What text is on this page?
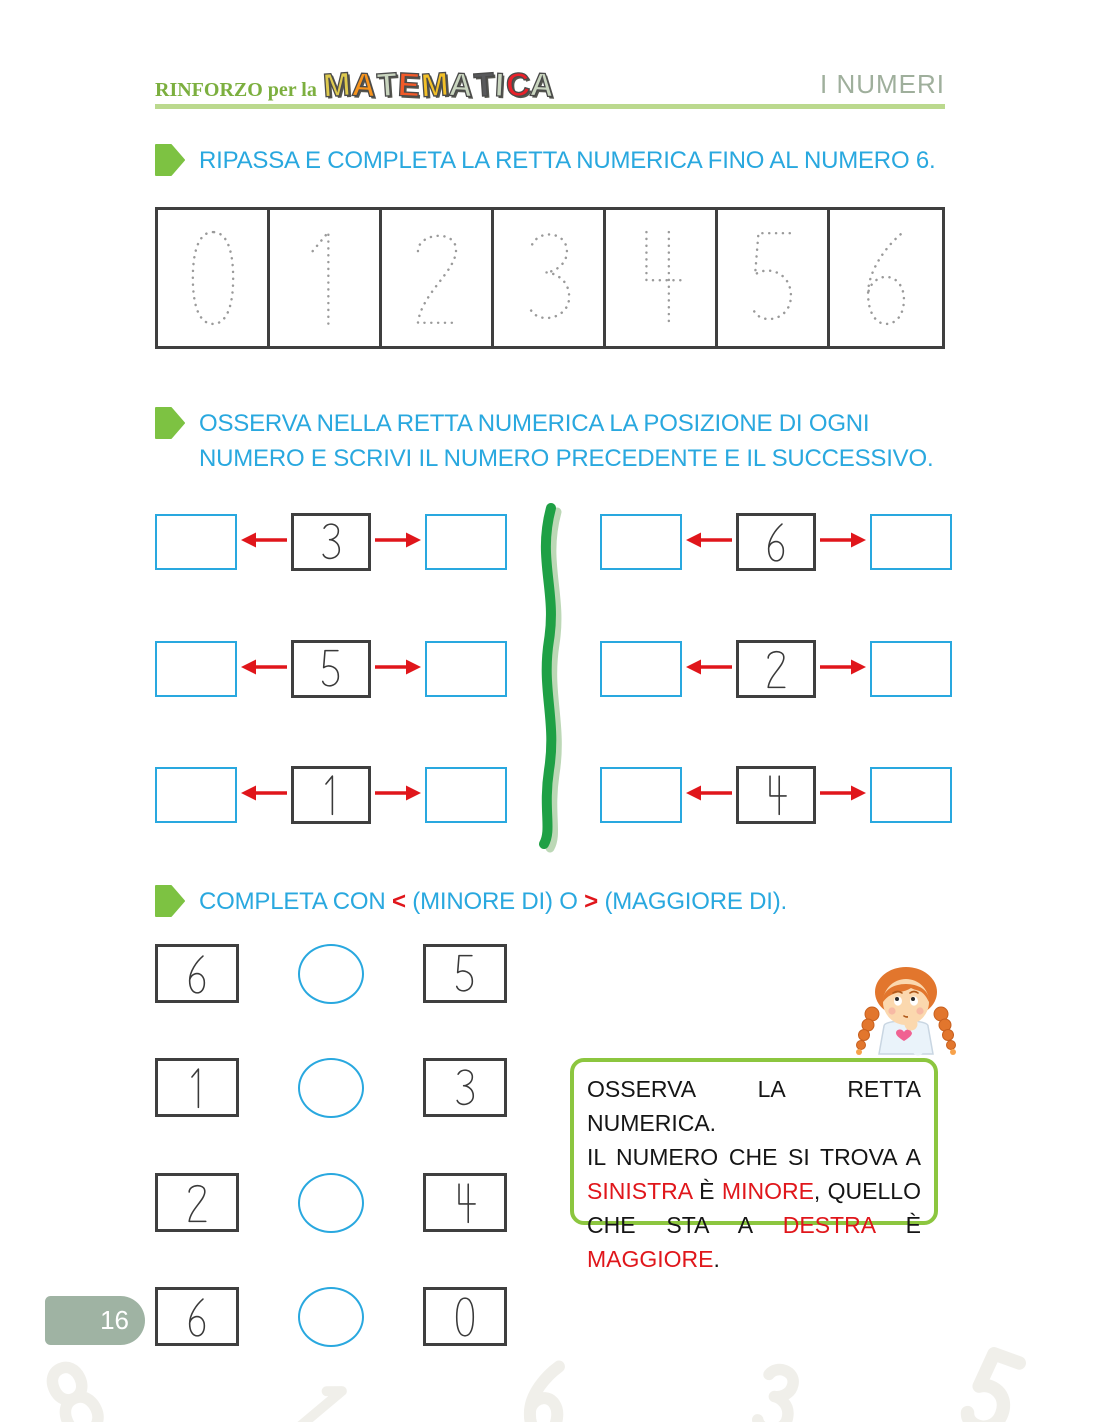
RINFORZO per la M
A
T
E
M
A
T
I
C
A	I NUMERI
RIPASSA E COMPLETA LA RETTA NUMERICA FINO AL NUMERO 6.
OSSERVA NELLA RETTA NUMERICA LA POSIZIONE DI OGNI
NUMERO E SCRIVI IL NUMERO PRECEDENTE E IL SUCCESSIVO.
COMPLETA CON < (MINORE DI) O > (MAGGIORE DI).
OSSERVA LA RETTA NUMERICA.
IL NUMERO CHE SI TROVA A
SINISTRA È MINORE, QUELLO
CHE STA A DESTRA È MAGGIORE.
16
